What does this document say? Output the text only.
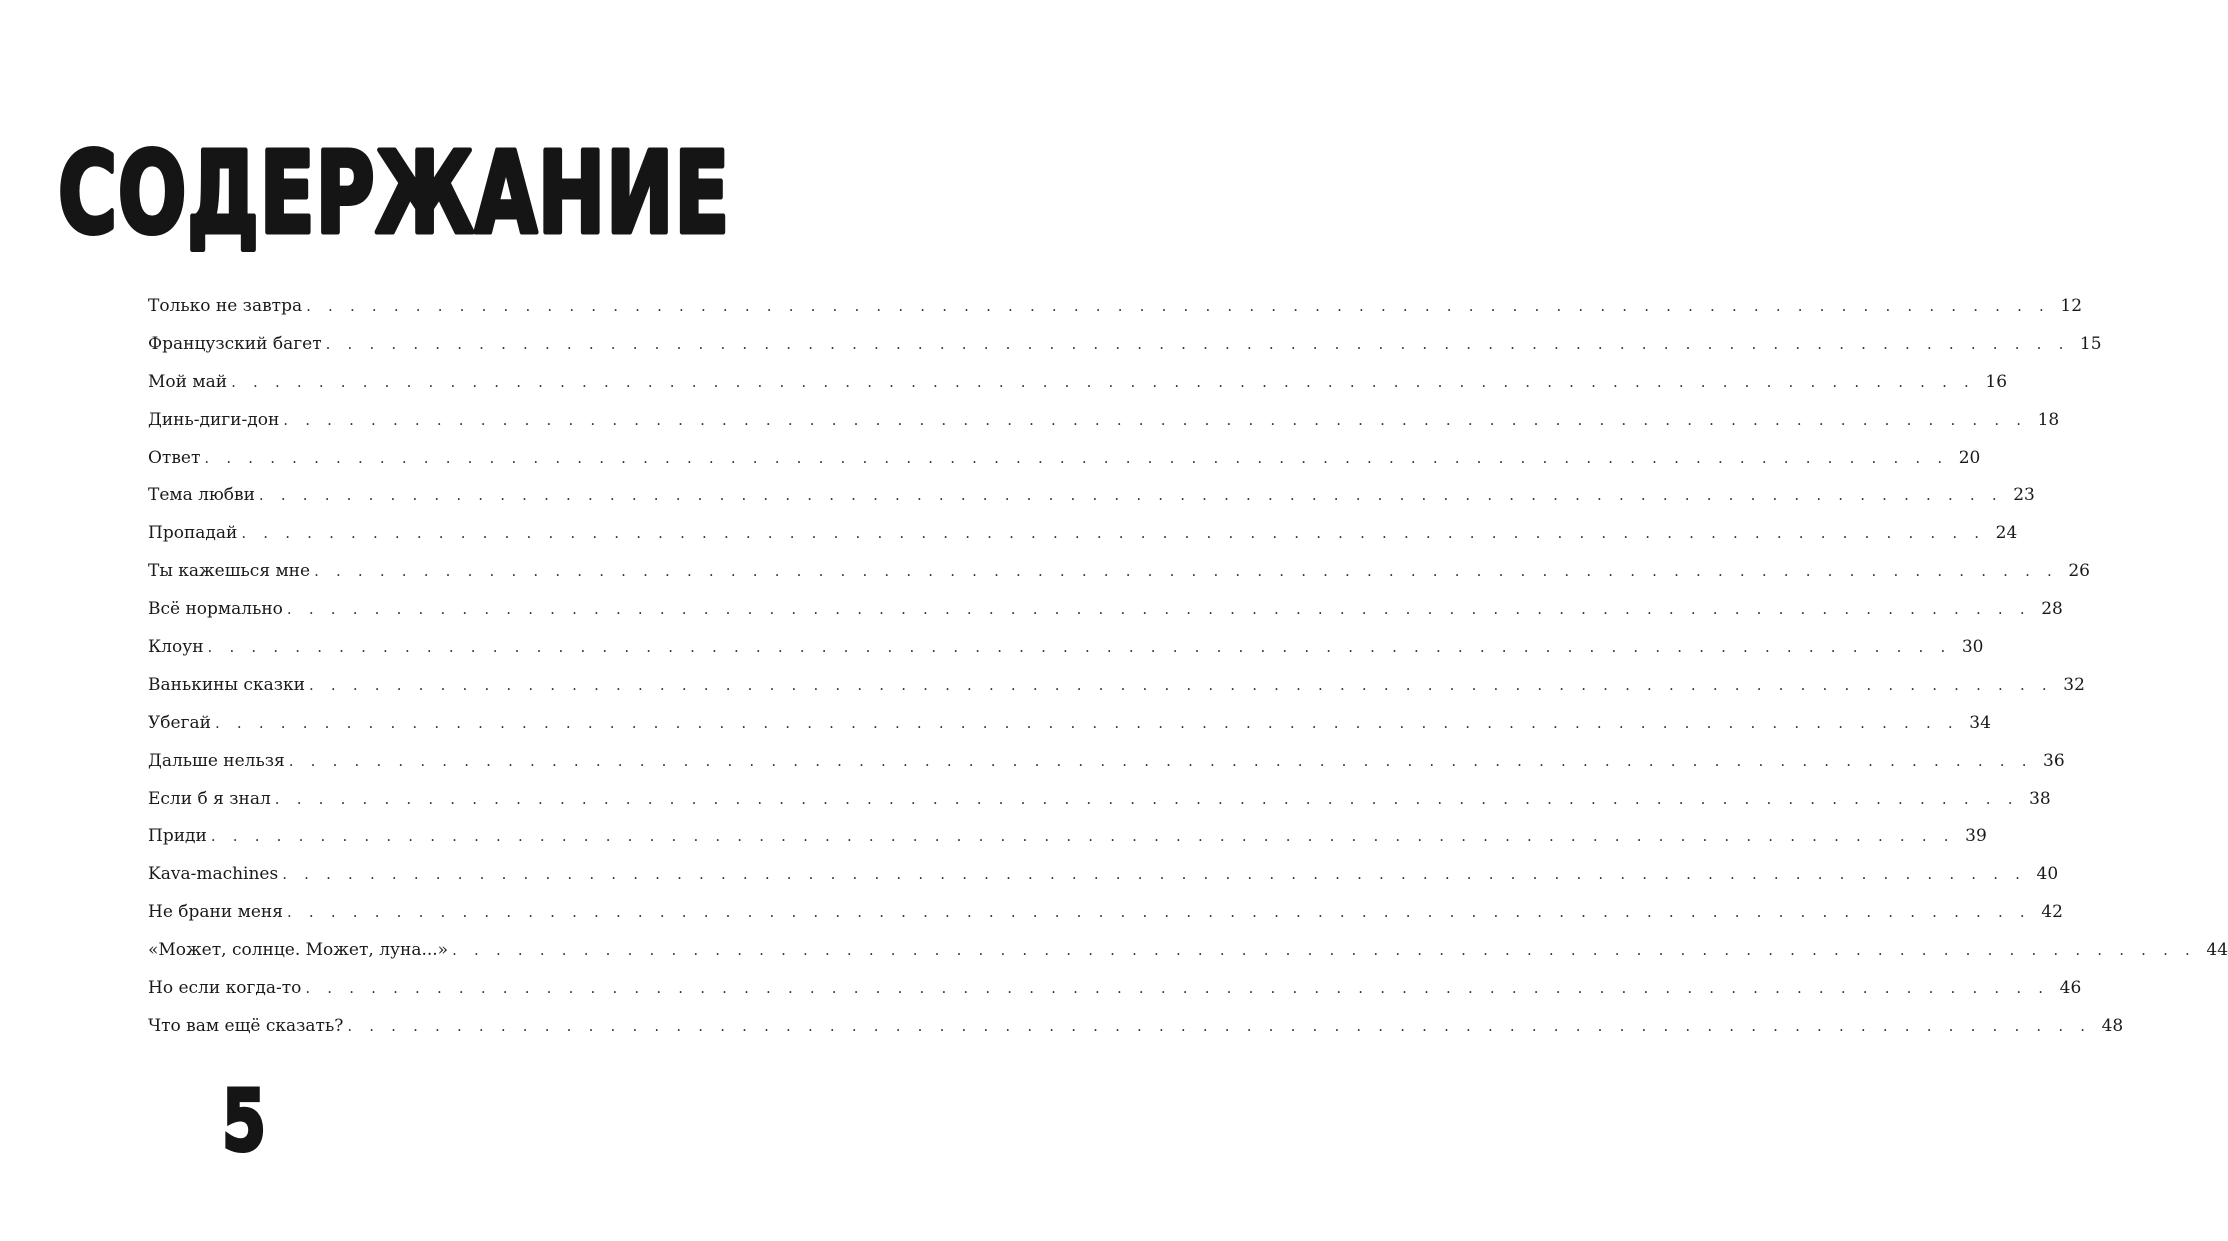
СОДЕРЖАНИЕ
Только не завтра . . . . . . . . . . . . . . . . . . . . . . . . . . . . . . . . . . . . . . . . . . . . . . . . . . . . . . . . . . . . . . . . . . . . . . . . . . . . . . . . 12
Французский багет . . . . . . . . . . . . . . . . . . . . . . . . . . . . . . . . . . . . . . . . . . . . . . . . . . . . . . . . . . . . . . . . . . . . . . . . . . . . . . . . 15
Мой май . . . . . . . . . . . . . . . . . . . . . . . . . . . . . . . . . . . . . . . . . . . . . . . . . . . . . . . . . . . . . . . . . . . . . . . . . . . . . . . . 16
Динь-диги-дон . . . . . . . . . . . . . . . . . . . . . . . . . . . . . . . . . . . . . . . . . . . . . . . . . . . . . . . . . . . . . . . . . . . . . . . . . . . . . . . . 18
Ответ . . . . . . . . . . . . . . . . . . . . . . . . . . . . . . . . . . . . . . . . . . . . . . . . . . . . . . . . . . . . . . . . . . . . . . . . . . . . . . . . 20
Тема любви . . . . . . . . . . . . . . . . . . . . . . . . . . . . . . . . . . . . . . . . . . . . . . . . . . . . . . . . . . . . . . . . . . . . . . . . . . . . . . . . 23
Пропадай . . . . . . . . . . . . . . . . . . . . . . . . . . . . . . . . . . . . . . . . . . . . . . . . . . . . . . . . . . . . . . . . . . . . . . . . . . . . . . . . 24
Ты кажешься мне . . . . . . . . . . . . . . . . . . . . . . . . . . . . . . . . . . . . . . . . . . . . . . . . . . . . . . . . . . . . . . . . . . . . . . . . . . . . . . . . 26
Всё нормально . . . . . . . . . . . . . . . . . . . . . . . . . . . . . . . . . . . . . . . . . . . . . . . . . . . . . . . . . . . . . . . . . . . . . . . . . . . . . . . . 28
Клоун . . . . . . . . . . . . . . . . . . . . . . . . . . . . . . . . . . . . . . . . . . . . . . . . . . . . . . . . . . . . . . . . . . . . . . . . . . . . . . . . 30
Ванькины сказки . . . . . . . . . . . . . . . . . . . . . . . . . . . . . . . . . . . . . . . . . . . . . . . . . . . . . . . . . . . . . . . . . . . . . . . . . . . . . . . . 32
Убегай . . . . . . . . . . . . . . . . . . . . . . . . . . . . . . . . . . . . . . . . . . . . . . . . . . . . . . . . . . . . . . . . . . . . . . . . . . . . . . . . 34
Дальше нельзя . . . . . . . . . . . . . . . . . . . . . . . . . . . . . . . . . . . . . . . . . . . . . . . . . . . . . . . . . . . . . . . . . . . . . . . . . . . . . . . . 36
Если б я знал . . . . . . . . . . . . . . . . . . . . . . . . . . . . . . . . . . . . . . . . . . . . . . . . . . . . . . . . . . . . . . . . . . . . . . . . . . . . . . . . 38
Приди . . . . . . . . . . . . . . . . . . . . . . . . . . . . . . . . . . . . . . . . . . . . . . . . . . . . . . . . . . . . . . . . . . . . . . . . . . . . . . . . 39
Kava-machines . . . . . . . . . . . . . . . . . . . . . . . . . . . . . . . . . . . . . . . . . . . . . . . . . . . . . . . . . . . . . . . . . . . . . . . . . . . . . . . . 40
Не брани меня . . . . . . . . . . . . . . . . . . . . . . . . . . . . . . . . . . . . . . . . . . . . . . . . . . . . . . . . . . . . . . . . . . . . . . . . . . . . . . . . 42
«Может, солнце. Может, луна...» . . . . . . . . . . . . . . . . . . . . . . . . . . . . . . . . . . . . . . . . . . . . . . . . . . . . . . . . . . . . . . . . . . . . . . . . . . . . . . . . 44
Но если когда-то . . . . . . . . . . . . . . . . . . . . . . . . . . . . . . . . . . . . . . . . . . . . . . . . . . . . . . . . . . . . . . . . . . . . . . . . . . . . . . . . 46
Что вам ещё сказать? . . . . . . . . . . . . . . . . . . . . . . . . . . . . . . . . . . . . . . . . . . . . . . . . . . . . . . . . . . . . . . . . . . . . . . . . . . . . . . . . 48
5
